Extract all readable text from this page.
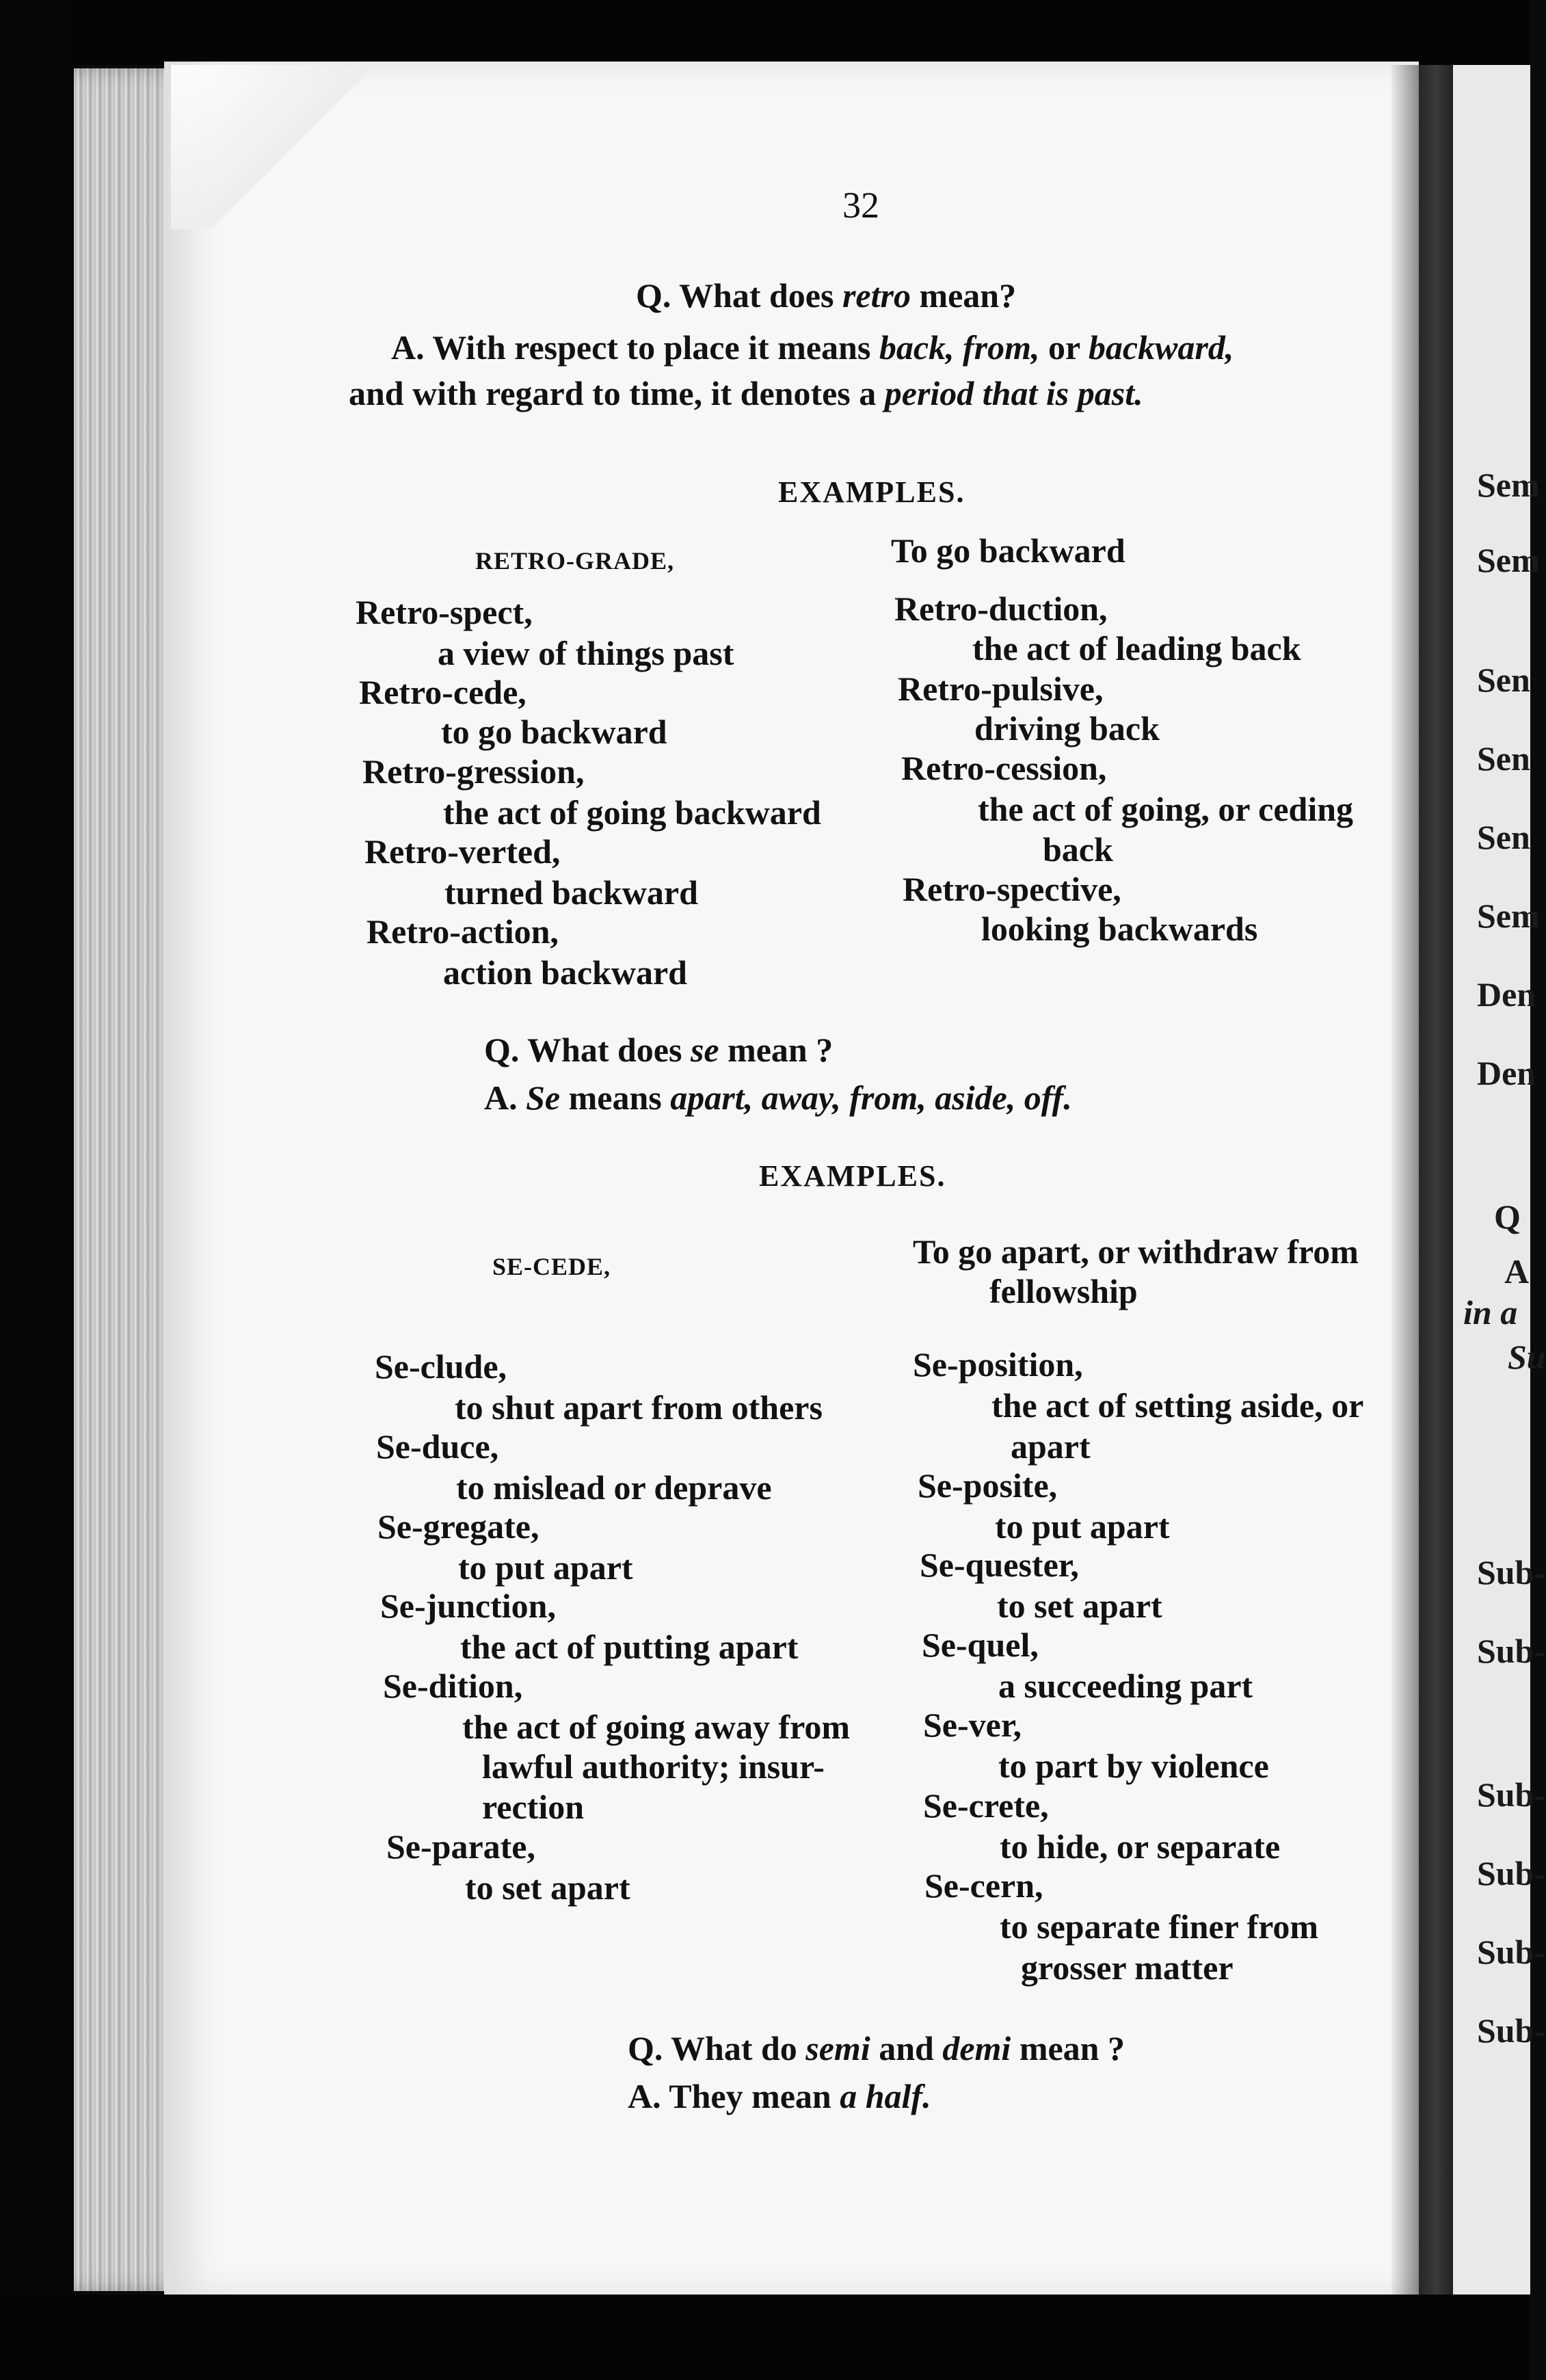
Sem
Sem
Sen
Sen
Sen
Sem
Den
Den
Q
A
in a
Su
Sub-
Sub-
Sub-
Sub-
Sub-
Sub-
32
Q. What does retro mean?
A. With respect to place it means back, from, or backward,
and with regard to time, it denotes a period that is past.
EXAMPLES.
RETRO-GRADE,
Retro-spect,
a view of things past
Retro-cede,
to go backward
Retro-gression,
the act of going backward
Retro-verted,
turned backward
Retro-action,
action backward
To go backward
Retro-duction,
the act of leading back
Retro-pulsive,
driving back
Retro-cession,
the act of going, or ceding
back
Retro-spective,
looking backwards
Q. What does se mean ?
A. Se means apart, away, from, aside, off.
EXAMPLES.
SE-CEDE,
Se-clude,
to shut apart from others
Se-duce,
to mislead or deprave
Se-gregate,
to put apart
Se-junction,
the act of putting apart
Se-dition,
the act of going away from
lawful authority; insur-
rection
Se-parate,
to set apart
To go apart, or withdraw from
fellowship
Se-position,
the act of setting aside, or
apart
Se-posite,
to put apart
Se-quester,
to set apart
Se-quel,
a succeeding part
Se-ver,
to part by violence
Se-crete,
to hide, or separate
Se-cern,
to separate finer from
grosser matter
Q. What do semi and demi mean ?
A. They mean a half.
